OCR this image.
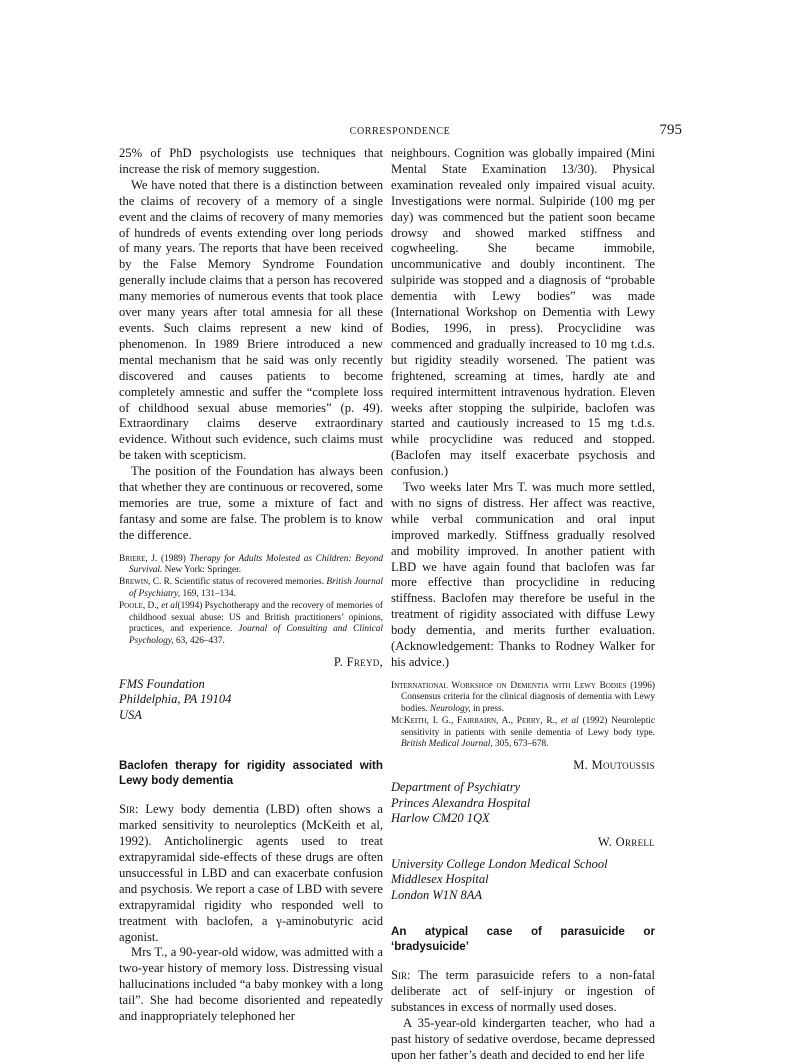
CORRESPONDENCE	795

25% of PhD psychologists use techniques that increase the risk of memory suggestion.

We have noted that there is a distinction between the claims of recovery of a memory of a single event and the claims of recovery of many memories of hundreds of events extending over long periods of many years. The reports that have been received by the False Memory Syndrome Foundation generally include claims that a person has recovered many memories of numerous events that took place over many years after total amnesia for all these events. Such claims represent a new kind of phenomenon. In 1989 Briere introduced a new mental mechanism that he said was only recently discovered and causes patients to become completely amnestic and suffer the “complete loss of childhood sexual abuse memories” (p. 49). Extraordinary claims deserve extraordinary evidence. Without such evidence, such claims must be taken with scepticism.

The position of the Foundation has always been that whether they are continuous or recovered, some memories are true, some a mixture of fact and fantasy and some are false. The problem is to know the difference.

Briere, J. (1989) Therapy for Adults Molested as Children: Beyond Survival. New York: Springer.

Brewin, C. R. Scientific status of recovered memories. British Journal of Psychiatry, 169, 131–134.

Poole, D., et al(1994) Psychotherapy and the recovery of memories of childhood sexual abuse: US and British practitioners’ opinions, practices, and experience. Journal of Consulting and Clinical Psychology, 63, 426–437.

P. Freyd,
FMS Foundation
Phildelphia, PA 19104
USA

Baclofen therapy for rigidity associated with Lewy body dementia

Sir: Lewy body dementia (LBD) often shows a marked sensitivity to neuroleptics (McKeith et al, 1992). Anticholinergic agents used to treat extrapyramidal side-effects of these drugs are often unsuccessful in LBD and can exacerbate confusion and psychosis. We report a case of LBD with severe extrapyramidal rigidity who responded well to treatment with baclofen, a γ-aminobutyric acid agonist.

Mrs T., a 90-year-old widow, was admitted with a two-year history of memory loss. Distressing visual hallucinations included “a baby monkey with a long tail”. She had become disoriented and repeatedly and inappropriately telephoned her

neighbours. Cognition was globally impaired (Mini Mental State Examination 13/30). Physical examination revealed only impaired visual acuity. Investigations were normal. Sulpiride (100 mg per day) was commenced but the patient soon became drowsy and showed marked stiffness and cogwheeling. She became immobile, uncommunicative and doubly incontinent. The sulpiride was stopped and a diagnosis of “probable dementia with Lewy bodies” was made (International Workshop on Dementia with Lewy Bodies, 1996, in press). Procyclidine was commenced and gradually increased to 10 mg t.d.s. but rigidity steadily worsened. The patient was frightened, screaming at times, hardly ate and required intermittent intravenous hydration. Eleven weeks after stopping the sulpiride, baclofen was started and cautiously increased to 15 mg t.d.s. while procyclidine was reduced and stopped. (Baclofen may itself exacerbate psychosis and confusion.)

Two weeks later Mrs T. was much more settled, with no signs of distress. Her affect was reactive, while verbal communication and oral input improved markedly. Stiffness gradually resolved and mobility improved. In another patient with LBD we have again found that baclofen was far more effective than procyclidine in reducing stiffness. Baclofen may therefore be useful in the treatment of rigidity associated with diffuse Lewy body dementia, and merits further evaluation. (Acknowledgement: Thanks to Rodney Walker for his advice.)

International Workshop on Dementia with Lewy Bodies (1996) Consensus criteria for the clinical diagnosis of dementia with Lewy bodies. Neurology, in press.

McKeith, I. G., Fairbairn, A., Perry, R., et al (1992) Neuroleptic sensitivity in patients with senile dementia of Lewy body type. British Medical Journal, 305, 673–678.

M. Moutoussis
Department of Psychiatry
Princes Alexandra Hospital
Harlow CM20 1QX
W. Orrell
University College London Medical School
Middlesex Hospital
London W1N 8AA

An atypical case of parasuicide or ‘bradysuicide’

Sir: The term parasuicide refers to a non-fatal deliberate act of self-injury or ingestion of substances in excess of normally used doses.

A 35-year-old kindergarten teacher, who had a past history of sedative overdose, became depressed upon her father’s death and decided to end her life
